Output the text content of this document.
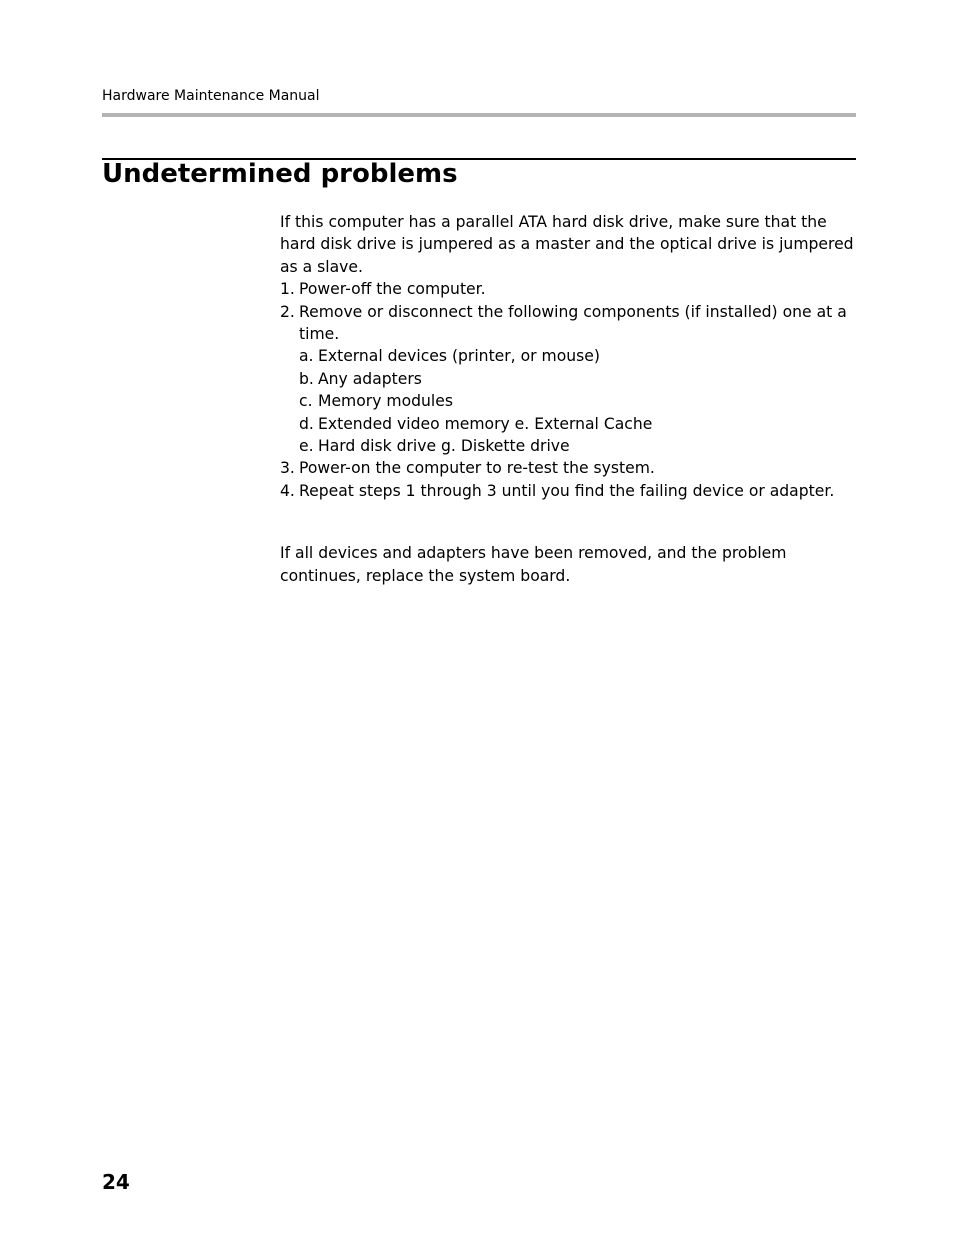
Hardware Maintenance Manual
Undetermined problems

If this computer has a parallel ATA hard disk drive, make sure that the hard disk drive is jumpered as a master and the optical drive is jumpered as a slave.

1. Power-off the computer.
2. Remove or disconnect the following components (if installed) one at a time.
a. External devices (printer, or mouse)
b. Any adapters
c. Memory modules
d. Extended video memory e. External Cache
e. Hard disk drive g. Diskette drive
3. Power-on the computer to re-test the system.
4. Repeat steps 1 through 3 until you find the failing device or adapter.

If all devices and adapters have been removed, and the problem continues, replace the system board.

24
